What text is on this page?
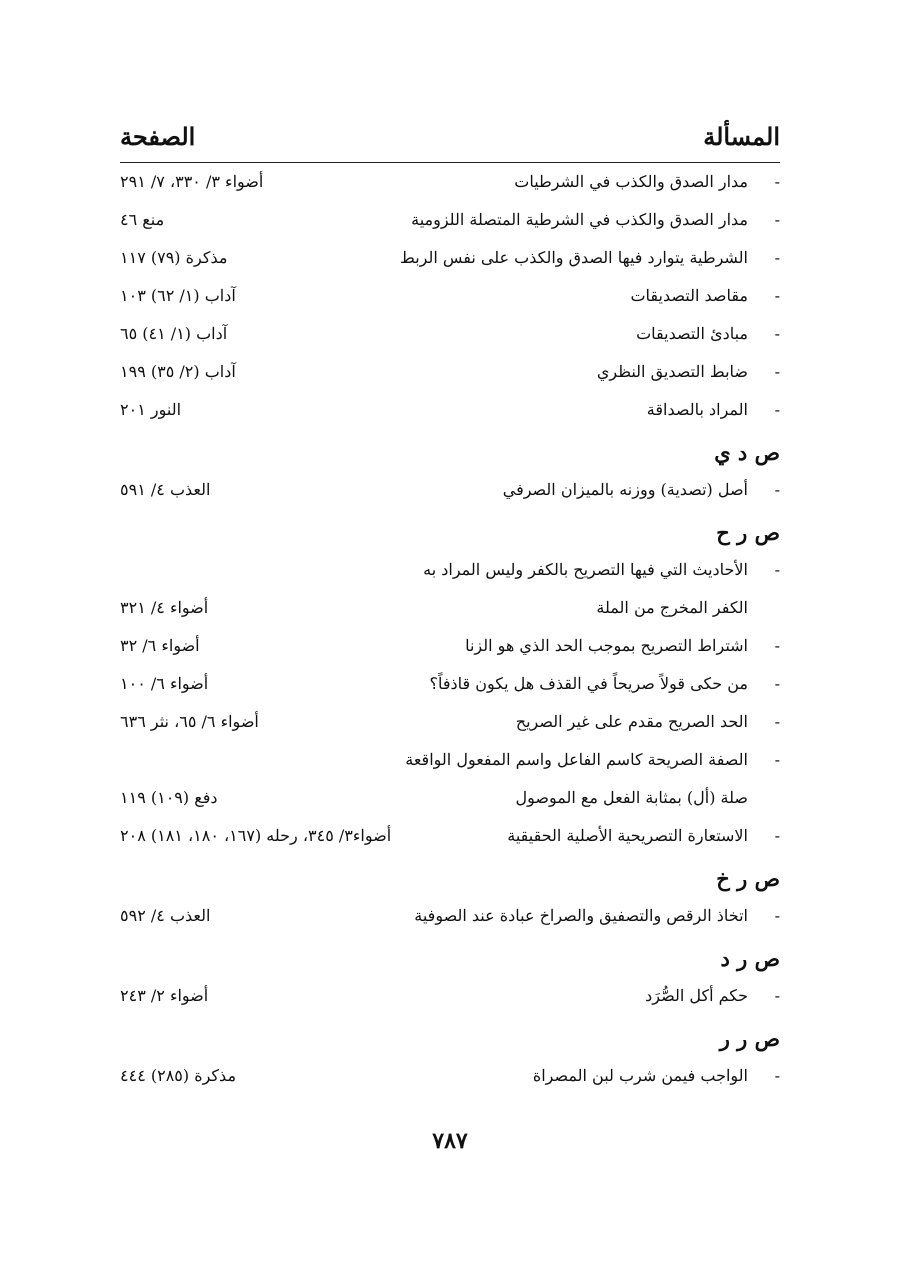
المسألة
الصفحة
-
مدار الصدق والكذب في الشرطيات
أضواء ٣/ ٣٣٠، ٧/ ٢٩١
-
مدار الصدق والكذب في الشرطية المتصلة اللزومية
منع ٤٦
-
الشرطية يتوارد فيها الصدق والكذب على نفس الربط
مذكرة (٧٩) ١١٧
-
مقاصد التصديقات
آداب (١/ ٦٢) ١٠٣
-
مبادئ التصديقات
آداب (١/ ٤١) ٦٥
-
ضابط التصديق النظري
آداب (٢/ ٣٥) ١٩٩
-
المراد بالصداقة
النور ٢٠١
ص د ي
-
أصل (تصدية) ووزنه بالميزان الصرفي
العذب ٤/ ٥٩١
ص ر ح
-
الأحاديث التي فيها التصريح بالكفر وليس المراد به
الكفر المخرج من الملة
أضواء ٤/ ٣٢١
-
اشتراط التصريح بموجب الحد الذي هو الزنا
أضواء ٦/ ٣٢
-
من حكى قولاً صريحاً في القذف هل يكون قاذفاً؟
أضواء ٦/ ١٠٠
-
الحد الصريح مقدم على غير الصريح
أضواء ٦/ ٦٥، نثر ٦٣٦
-
الصفة الصريحة كاسم الفاعل واسم المفعول الواقعة
صلة (أل) بمثابة الفعل مع الموصول
دفع (١٠٩) ١١٩
-
الاستعارة التصريحية الأصلية الحقيقية
أضواء٣/ ٣٤٥، رحله (١٦٧، ١٨٠، ١٨١) ٢٠٨
ص ر خ
-
اتخاذ الرقص والتصفيق والصراخ عبادة عند الصوفية
العذب ٤/ ٥٩٢
ص ر د
-
حكم أكل الصُّرَد
أضواء ٢/ ٢٤٣
ص ر ر
-
الواجب فيمن شرب لبن المصراة
مذكرة (٢٨٥) ٤٤٤
٧٨٧
